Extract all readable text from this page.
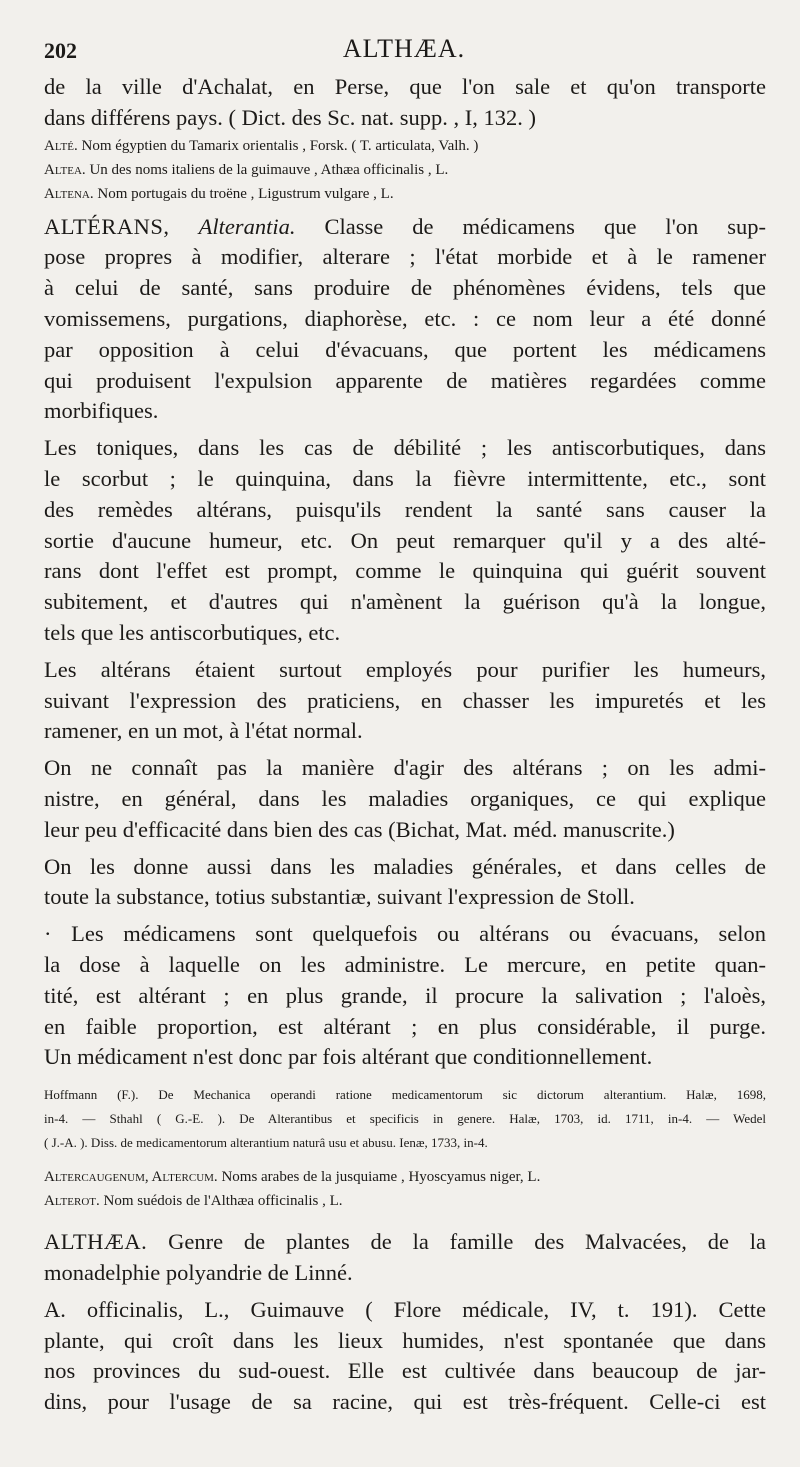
202	ALTHÆA.

de la ville d'Achalat, en Perse, que l'on sale et qu'on transporte
dans différens pays. ( Dict. des Sc. nat. supp. , I, 132. )

Alté. Nom égyptien du Tamarix orientalis , Forsk. ( T. articulata, Valh. )
Altea. Un des noms italiens de la guimauve , Athæa officinalis , L.
Altena. Nom portugais du troëne , Ligustrum vulgare , L.

ALTÉRANS, Alterantia. Classe de médicamens que l'on sup-
pose propres à modifier, alterare ; l'état morbide et à le ramener
à celui de santé, sans produire de phénomènes évidens, tels que
vomissemens, purgations, diaphorèse, etc. : ce nom leur a été donné
par opposition à celui d'évacuans, que portent les médicamens
qui produisent l'expulsion apparente de matières regardées comme
morbifiques.

Les toniques, dans les cas de débilité ; les antiscorbutiques, dans
le scorbut ; le quinquina, dans la fièvre intermittente, etc., sont
des remèdes altérans, puisqu'ils rendent la santé sans causer la
sortie d'aucune humeur, etc. On peut remarquer qu'il y a des alté-
rans dont l'effet est prompt, comme le quinquina qui guérit souvent
subitement, et d'autres qui n'amènent la guérison qu'à la longue,
tels que les antiscorbutiques, etc.

Les altérans étaient surtout employés pour purifier les humeurs,
suivant l'expression des praticiens, en chasser les impuretés et les
ramener, en un mot, à l'état normal.

On ne connaît pas la manière d'agir des altérans ; on les admi-
nistre, en général, dans les maladies organiques, ce qui explique
leur peu d'efficacité dans bien des cas (Bichat, Mat. méd. manuscrite.)

On les donne aussi dans les maladies générales, et dans celles de
toute la substance, totius substantiæ, suivant l'expression de Stoll.

· Les médicamens sont quelquefois ou altérans ou évacuans, selon
la dose à laquelle on les administre. Le mercure, en petite quan-
tité, est altérant ; en plus grande, il procure la salivation ; l'aloès,
en faible proportion, est altérant ; en plus considérable, il purge.
Un médicament n'est donc par fois altérant que conditionnellement.

Hoffmann (F.). De Mechanica operandi ratione medicamentorum sic dictorum alterantium. Halæ, 1698,
in-4. — Sthahl ( G.-E. ). De Alterantibus et specificis in genere. Halæ, 1703, id. 1711, in-4. — Wedel
( J.-A. ). Diss. de medicamentorum alterantium naturâ usu et abusu. Ienæ, 1733, in-4.

Altercaugenum, Altercum. Noms arabes de la jusquiame , Hyoscyamus niger, L.
Alterot. Nom suédois de l'Althæa officinalis , L.

ALTHÆA. Genre de plantes de la famille des Malvacées, de la
monadelphie polyandrie de Linné.

A. officinalis, L., Guimauve ( Flore médicale, IV, t. 191). Cette
plante, qui croît dans les lieux humides, n'est spontanée que dans
nos provinces du sud-ouest. Elle est cultivée dans beaucoup de jar-
dins, pour l'usage de sa racine, qui est très-fréquent. Celle-ci est
